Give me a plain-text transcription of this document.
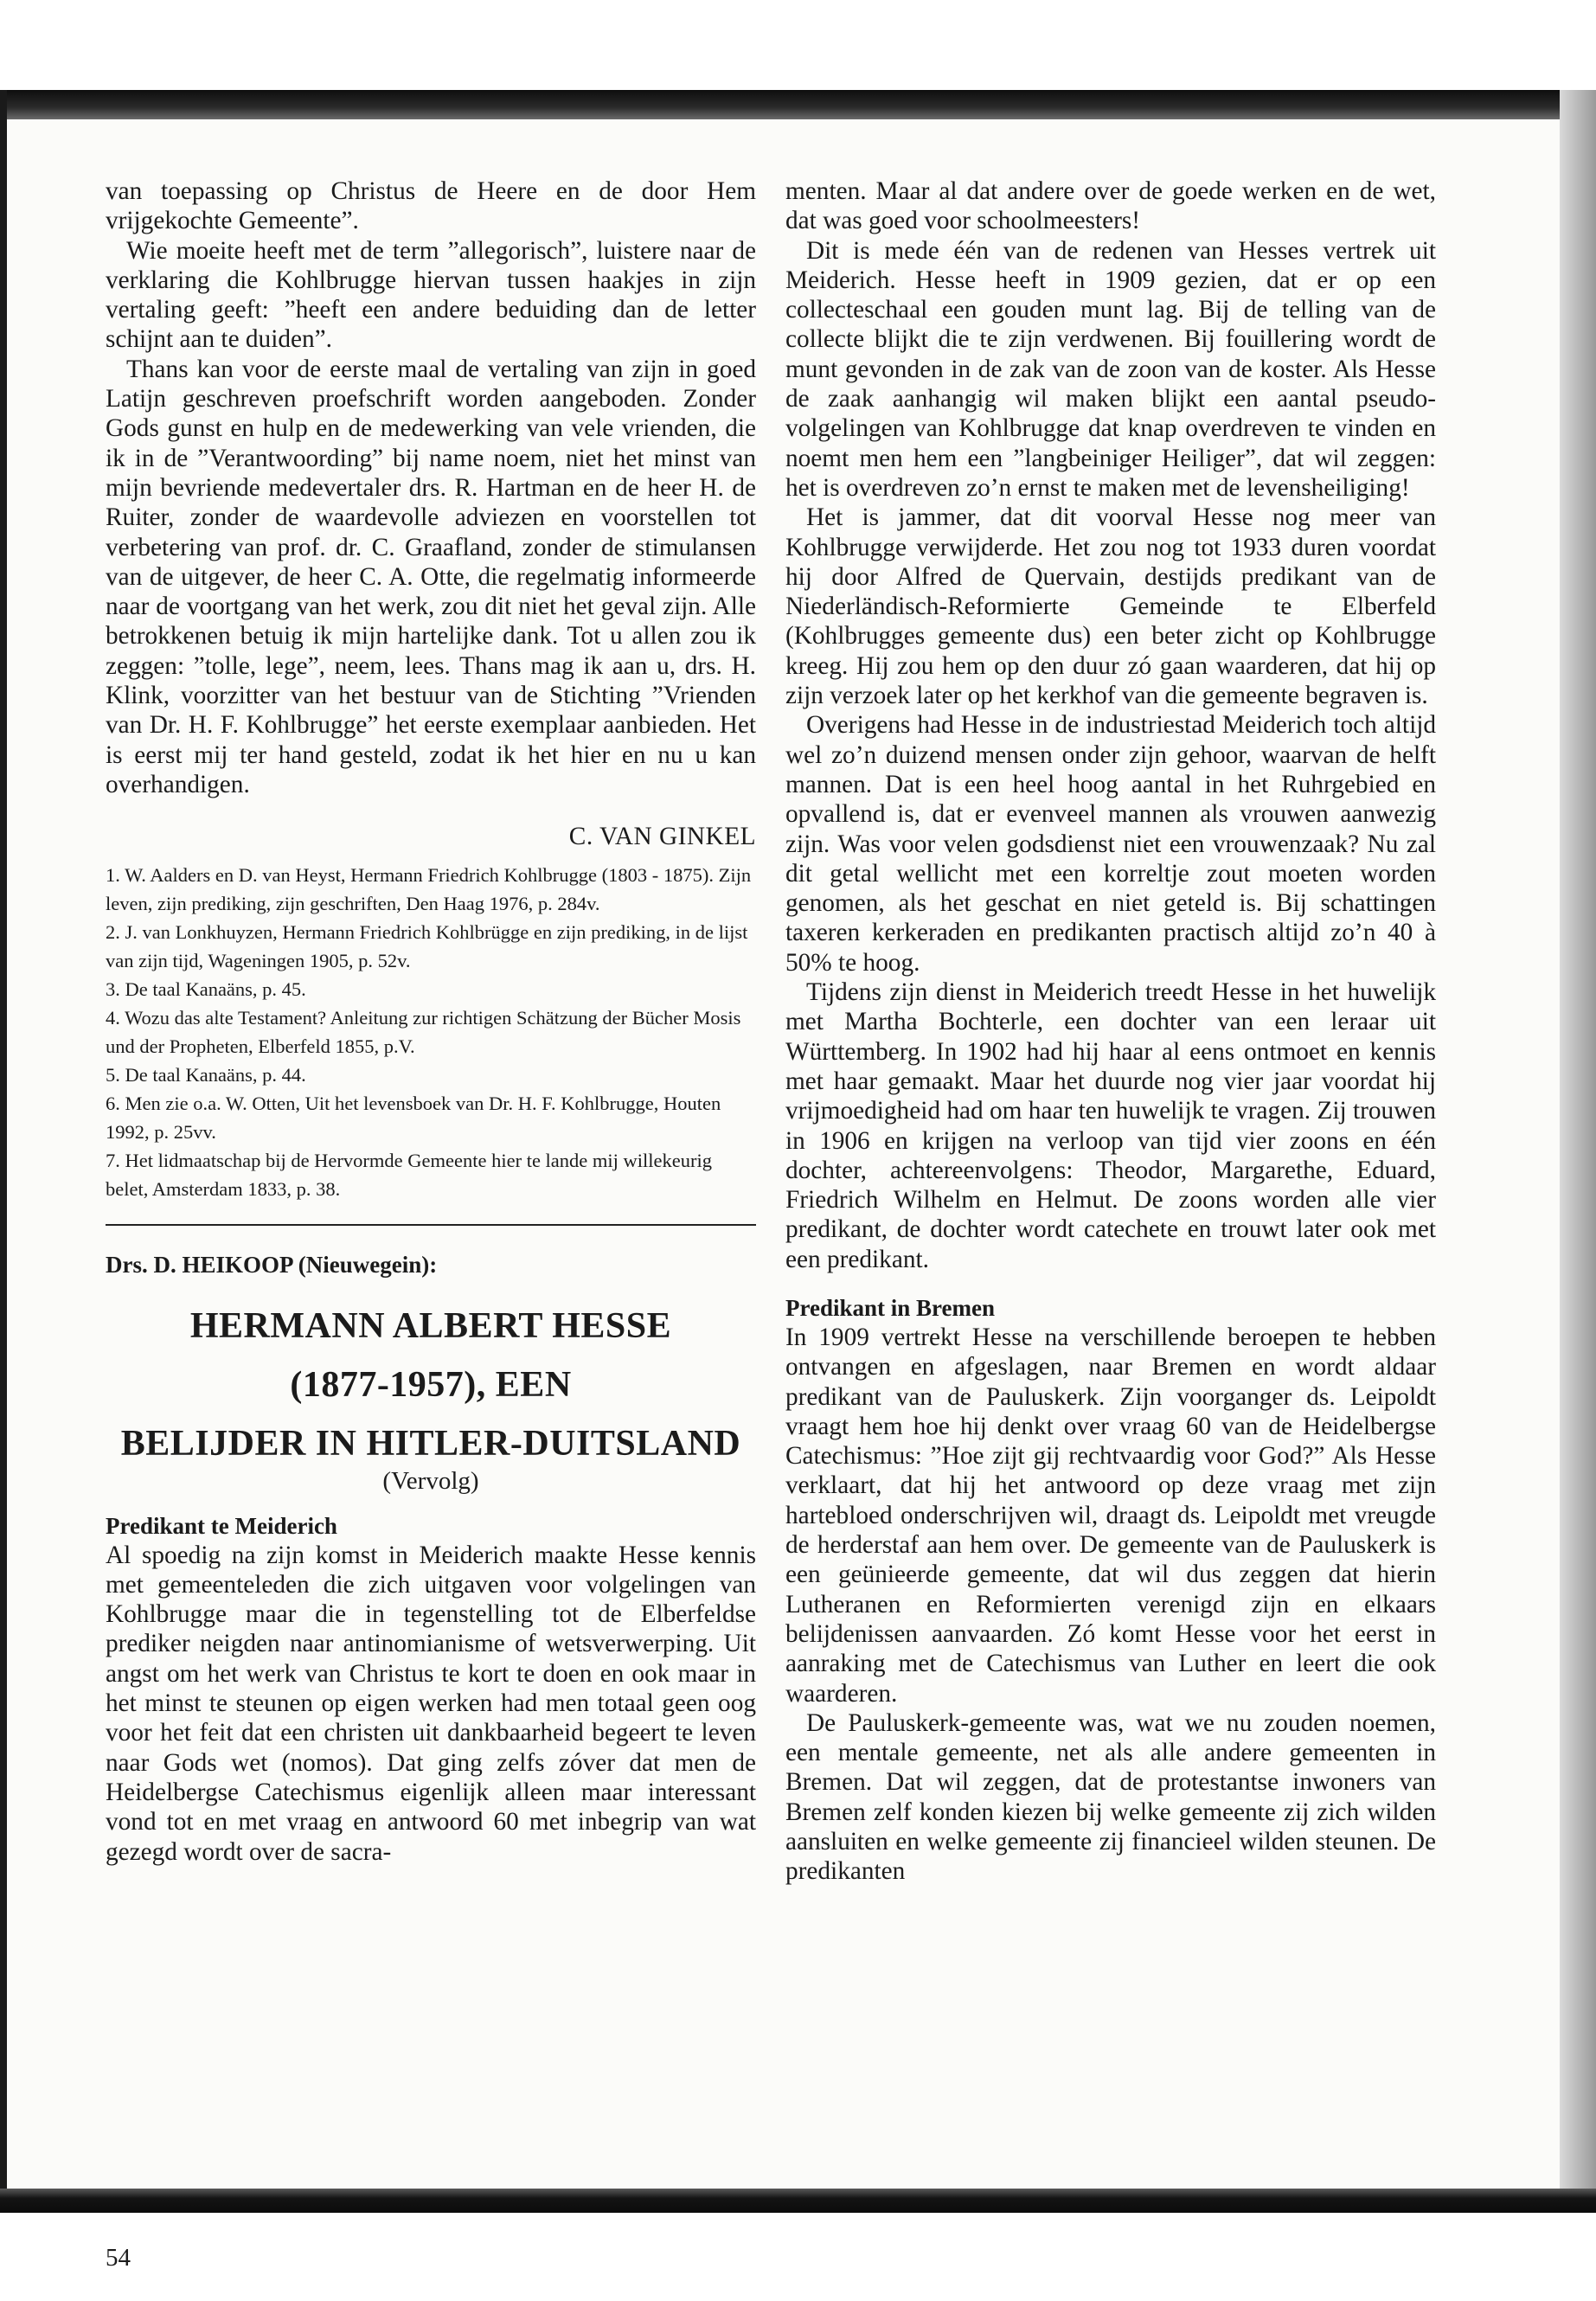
van toepassing op Christus de Heere en de door Hem vrijgekochte Gemeente”.

Wie moeite heeft met de term ”allegorisch”, luistere naar de verklaring die Kohlbrugge hiervan tussen haakjes in zijn vertaling geeft: ”heeft een andere beduiding dan de letter schijnt aan te duiden”.

Thans kan voor de eerste maal de vertaling van zijn in goed Latijn geschreven proefschrift worden aangeboden. Zonder Gods gunst en hulp en de medewerking van vele vrienden, die ik in de ”Verantwoording” bij name noem, niet het minst van mijn bevriende medevertaler drs. R. Hartman en de heer H. de Ruiter, zonder de waardevolle adviezen en voorstellen tot verbetering van prof. dr. C. Graafland, zonder de stimulansen van de uitgever, de heer C. A. Otte, die regelmatig informeerde naar de voortgang van het werk, zou dit niet het geval zijn. Alle betrokkenen betuig ik mijn hartelijke dank. Tot u allen zou ik zeggen: ”tolle, lege”, neem, lees. Thans mag ik aan u, drs. H. Klink, voorzitter van het bestuur van de Stichting ”Vrienden van Dr. H. F. Kohlbrugge” het eerste exemplaar aanbieden. Het is eerst mij ter hand gesteld, zodat ik het hier en nu u kan overhandigen.

C. VAN GINKEL
1. W. Aalders en D. van Heyst, Hermann Friedrich Kohlbrugge (1803 - 1875). Zijn leven, zijn prediking, zijn geschriften, Den Haag 1976, p. 284v.
2. J. van Lonkhuyzen, Hermann Friedrich Kohlbrügge en zijn prediking, in de lijst van zijn tijd, Wageningen 1905, p. 52v.
3. De taal Kanaäns, p. 45.
4. Wozu das alte Testament? Anleitung zur richtigen Schätzung der Bücher Mosis und der Propheten, Elberfeld 1855, p.V.
5. De taal Kanaäns, p. 44.
6. Men zie o.a. W. Otten, Uit het levensboek van Dr. H. F. Kohlbrugge, Houten 1992, p. 25vv.
7. Het lidmaatschap bij de Hervormde Gemeente hier te lande mij willekeurig belet, Amsterdam 1833, p. 38.
Drs. D. HEIKOOP (Nieuwegein):
HERMANN ALBERT HESSE
(1877-1957), EEN
BELIJDER IN HITLER-DUITSLAND
(Vervolg)
Predikant te Meiderich

Al spoedig na zijn komst in Meiderich maakte Hesse kennis met gemeenteleden die zich uitgaven voor volgelingen van Kohlbrugge maar die in tegenstelling tot de Elberfeldse prediker neigden naar antinomianisme of wetsverwerping. Uit angst om het werk van Christus te kort te doen en ook maar in het minst te steunen op eigen werken had men totaal geen oog voor het feit dat een christen uit dankbaarheid begeert te leven naar Gods wet (nomos). Dat ging zelfs zóver dat men de Heidelbergse Catechismus eigenlijk alleen maar interessant vond tot en met vraag en antwoord 60 met inbegrip van wat gezegd wordt over de sacra-

menten. Maar al dat andere over de goede werken en de wet, dat was goed voor schoolmeesters!

Dit is mede één van de redenen van Hesses vertrek uit Meiderich. Hesse heeft in 1909 gezien, dat er op een collecteschaal een gouden munt lag. Bij de telling van de collecte blijkt die te zijn verdwenen. Bij fouillering wordt de munt gevonden in de zak van de zoon van de koster. Als Hesse de zaak aanhangig wil maken blijkt een aantal pseudo-volgelingen van Kohlbrugge dat knap overdreven te vinden en noemt men hem een ”langbeiniger Heiliger”, dat wil zeggen: het is overdreven zo’n ernst te maken met de levensheiliging!

Het is jammer, dat dit voorval Hesse nog meer van Kohlbrugge verwijderde. Het zou nog tot 1933 duren voordat hij door Alfred de Quervain, destijds predikant van de Niederländisch-Reformierte Gemeinde te Elberfeld (Kohlbrugges gemeente dus) een beter zicht op Kohlbrugge kreeg. Hij zou hem op den duur zó gaan waarderen, dat hij op zijn verzoek later op het kerkhof van die gemeente begraven is.

Overigens had Hesse in de industriestad Meiderich toch altijd wel zo’n duizend mensen onder zijn gehoor, waarvan de helft mannen. Dat is een heel hoog aantal in het Ruhrgebied en opvallend is, dat er evenveel mannen als vrouwen aanwezig zijn. Was voor velen godsdienst niet een vrouwenzaak? Nu zal dit getal wellicht met een korreltje zout moeten worden genomen, als het geschat en niet geteld is. Bij schattingen taxeren kerkeraden en predikanten practisch altijd zo’n 40 à 50% te hoog.

Tijdens zijn dienst in Meiderich treedt Hesse in het huwelijk met Martha Bochterle, een dochter van een leraar uit Württemberg. In 1902 had hij haar al eens ontmoet en kennis met haar gemaakt. Maar het duurde nog vier jaar voordat hij vrijmoedigheid had om haar ten huwelijk te vragen. Zij trouwen in 1906 en krijgen na verloop van tijd vier zoons en één dochter, achtereenvolgens: Theodor, Margarethe, Eduard, Friedrich Wilhelm en Helmut. De zoons worden alle vier predikant, de dochter wordt catechete en trouwt later ook met een predikant.

Predikant in Bremen

In 1909 vertrekt Hesse na verschillende beroepen te hebben ontvangen en afgeslagen, naar Bremen en wordt aldaar predikant van de Pauluskerk. Zijn voorganger ds. Leipoldt vraagt hem hoe hij denkt over vraag 60 van de Heidelbergse Catechismus: ”Hoe zijt gij rechtvaardig voor God?” Als Hesse verklaart, dat hij het antwoord op deze vraag met zijn hartebloed onderschrijven wil, draagt ds. Leipoldt met vreugde de herderstaf aan hem over. De gemeente van de Pauluskerk is een geünieerde gemeente, dat wil dus zeggen dat hierin Lutheranen en Reformierten verenigd zijn en elkaars belijdenissen aanvaarden. Zó komt Hesse voor het eerst in aanraking met de Catechismus van Luther en leert die ook waarderen.

De Pauluskerk-gemeente was, wat we nu zouden noemen, een mentale gemeente, net als alle andere gemeenten in Bremen. Dat wil zeggen, dat de protestantse inwoners van Bremen zelf konden kiezen bij welke gemeente zij zich wilden aansluiten en welke gemeente zij financieel wilden steunen. De predikanten

54
